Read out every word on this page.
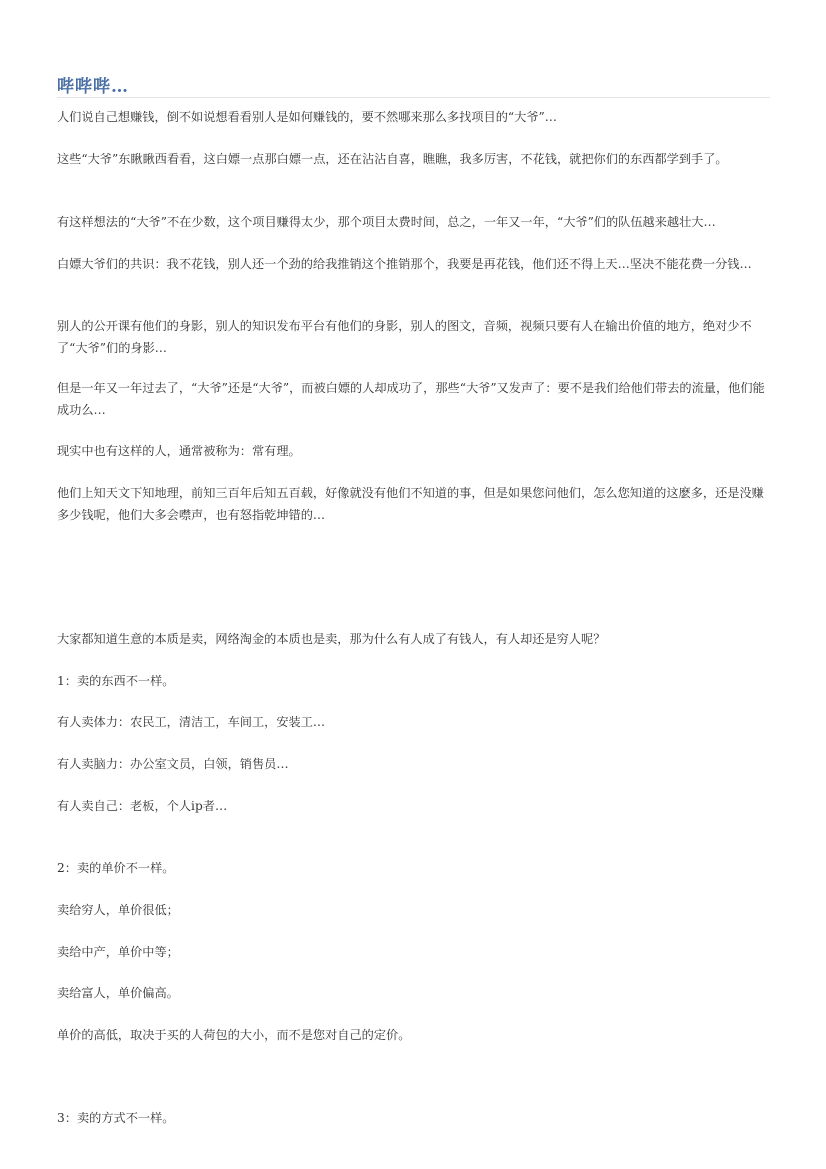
哔哔哔…

人们说自己想赚钱，倒不如说想看看别人是如何赚钱的，要不然哪来那么多找项目的“大爷”…

这些“大爷”东瞅瞅西看看，这白嫖一点那白嫖一点，还在沾沾自喜，瞧瞧，我多厉害，不花钱，就把你们的东西都学到手了。

有这样想法的“大爷”不在少数，这个项目赚得太少，那个项目太费时间，总之，一年又一年，“大爷”们的队伍越来越壮大…

白嫖大爷们的共识：我不花钱，别人还一个劲的给我推销这个推销那个，我要是再花钱，他们还不得上天…坚决不能花费一分钱…

别人的公开课有他们的身影，别人的知识发布平台有他们的身影，别人的图文，音频，视频只要有人在输出价值的地方，绝对少不了“大爷”们的身影…

但是一年又一年过去了，“大爷”还是“大爷”，而被白嫖的人却成功了，那些“大爷”又发声了：要不是我们给他们带去的流量，他们能成功么…

现实中也有这样的人，通常被称为：常有理。

他们上知天文下知地理，前知三百年后知五百载，好像就没有他们不知道的事，但是如果您问他们，怎么您知道的这麽多，还是没赚多少钱呢，他们大多会噤声，也有怒指乾坤错的…

大家都知道生意的本质是卖，网络淘金的本质也是卖，那为什么有人成了有钱人，有人却还是穷人呢？

1：卖的东西不一样。

有人卖体力：农民工，清洁工，车间工，安装工…

有人卖脑力：办公室文员，白领，销售员…

有人卖自己：老板，个人ip者…

2：卖的单价不一样。

卖给穷人，单价很低；

卖给中产，单价中等；

卖给富人，单价偏高。

单价的高低，取决于买的人荷包的大小，而不是您对自己的定价。

3：卖的方式不一样。
